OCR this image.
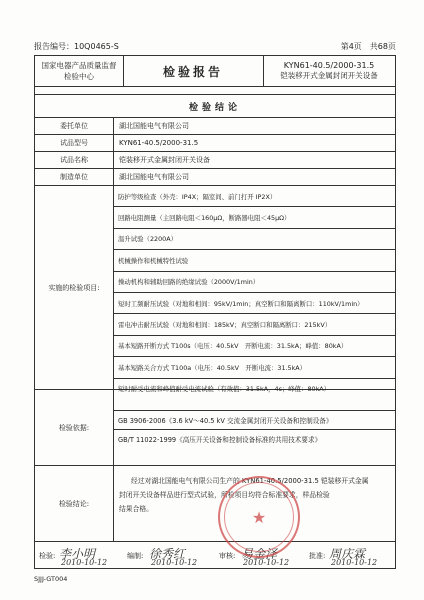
报告编号：10Q0465-S	第4页　共68页
国家电器产品质量监督
检验中心	检验报告	KYN61-40.5/2000-31.5
铠装移开式金属封闭开关设备
检验结论
委托单位	湖北国能电气有限公司
试品型号	KYN61-40.5/2000-31.5
试品名称	铠装移开式金属封闭开关设备
制造单位	湖北国能电气有限公司
实施的检验项目:
防护等级检查（外壳：IP4X；隔室间、前门打开 IP2X）
回路电阻测量（主回路电阻＜160μΩ，断路器电阻＜45μΩ）
温升试验（2200A）
机械操作和机械特性试验
操动机构和辅助回路的绝缘试验（2000V/1min）
短时工频耐压试验（对地和相间：95kV/1min；真空断口和隔离断口：110kV/1min）
雷电冲击耐压试验（对地和相间：185kV；真空断口和隔离断口：215kV）
基本短路开断方式 T100s（电压：40.5kV　开断电流：31.5kA；峰值：80kA）
基本短路关合方式 T100a（电压：40.5kV　开断电流：31.5kA）
短时耐受电流和峰值耐受电流试验（有效值：31.5kA，4s；峰值：80kA）
检验依据:
GB 3906-2006《3.6 kV～40.5 kV 交流金属封闭开关设备和控制设备》
GB/T 11022-1999《高压开关设备和控制设备标准的共用技术要求》
检验结论:
经过对湖北国能电气有限公司生产的 KYN61-40.5/2000-31.5 铠装移开式金属
封闭开关设备样品进行型式试验，所检项目均符合标准要求，样品检验
结果合格。
检验: 李小明
2010-10-12
编制: 徐秀红
2010-10-12
审核: 易金泽
2010-10-12
批准: 周庆霖
2010-10-12
★
SJJJ-GT004
